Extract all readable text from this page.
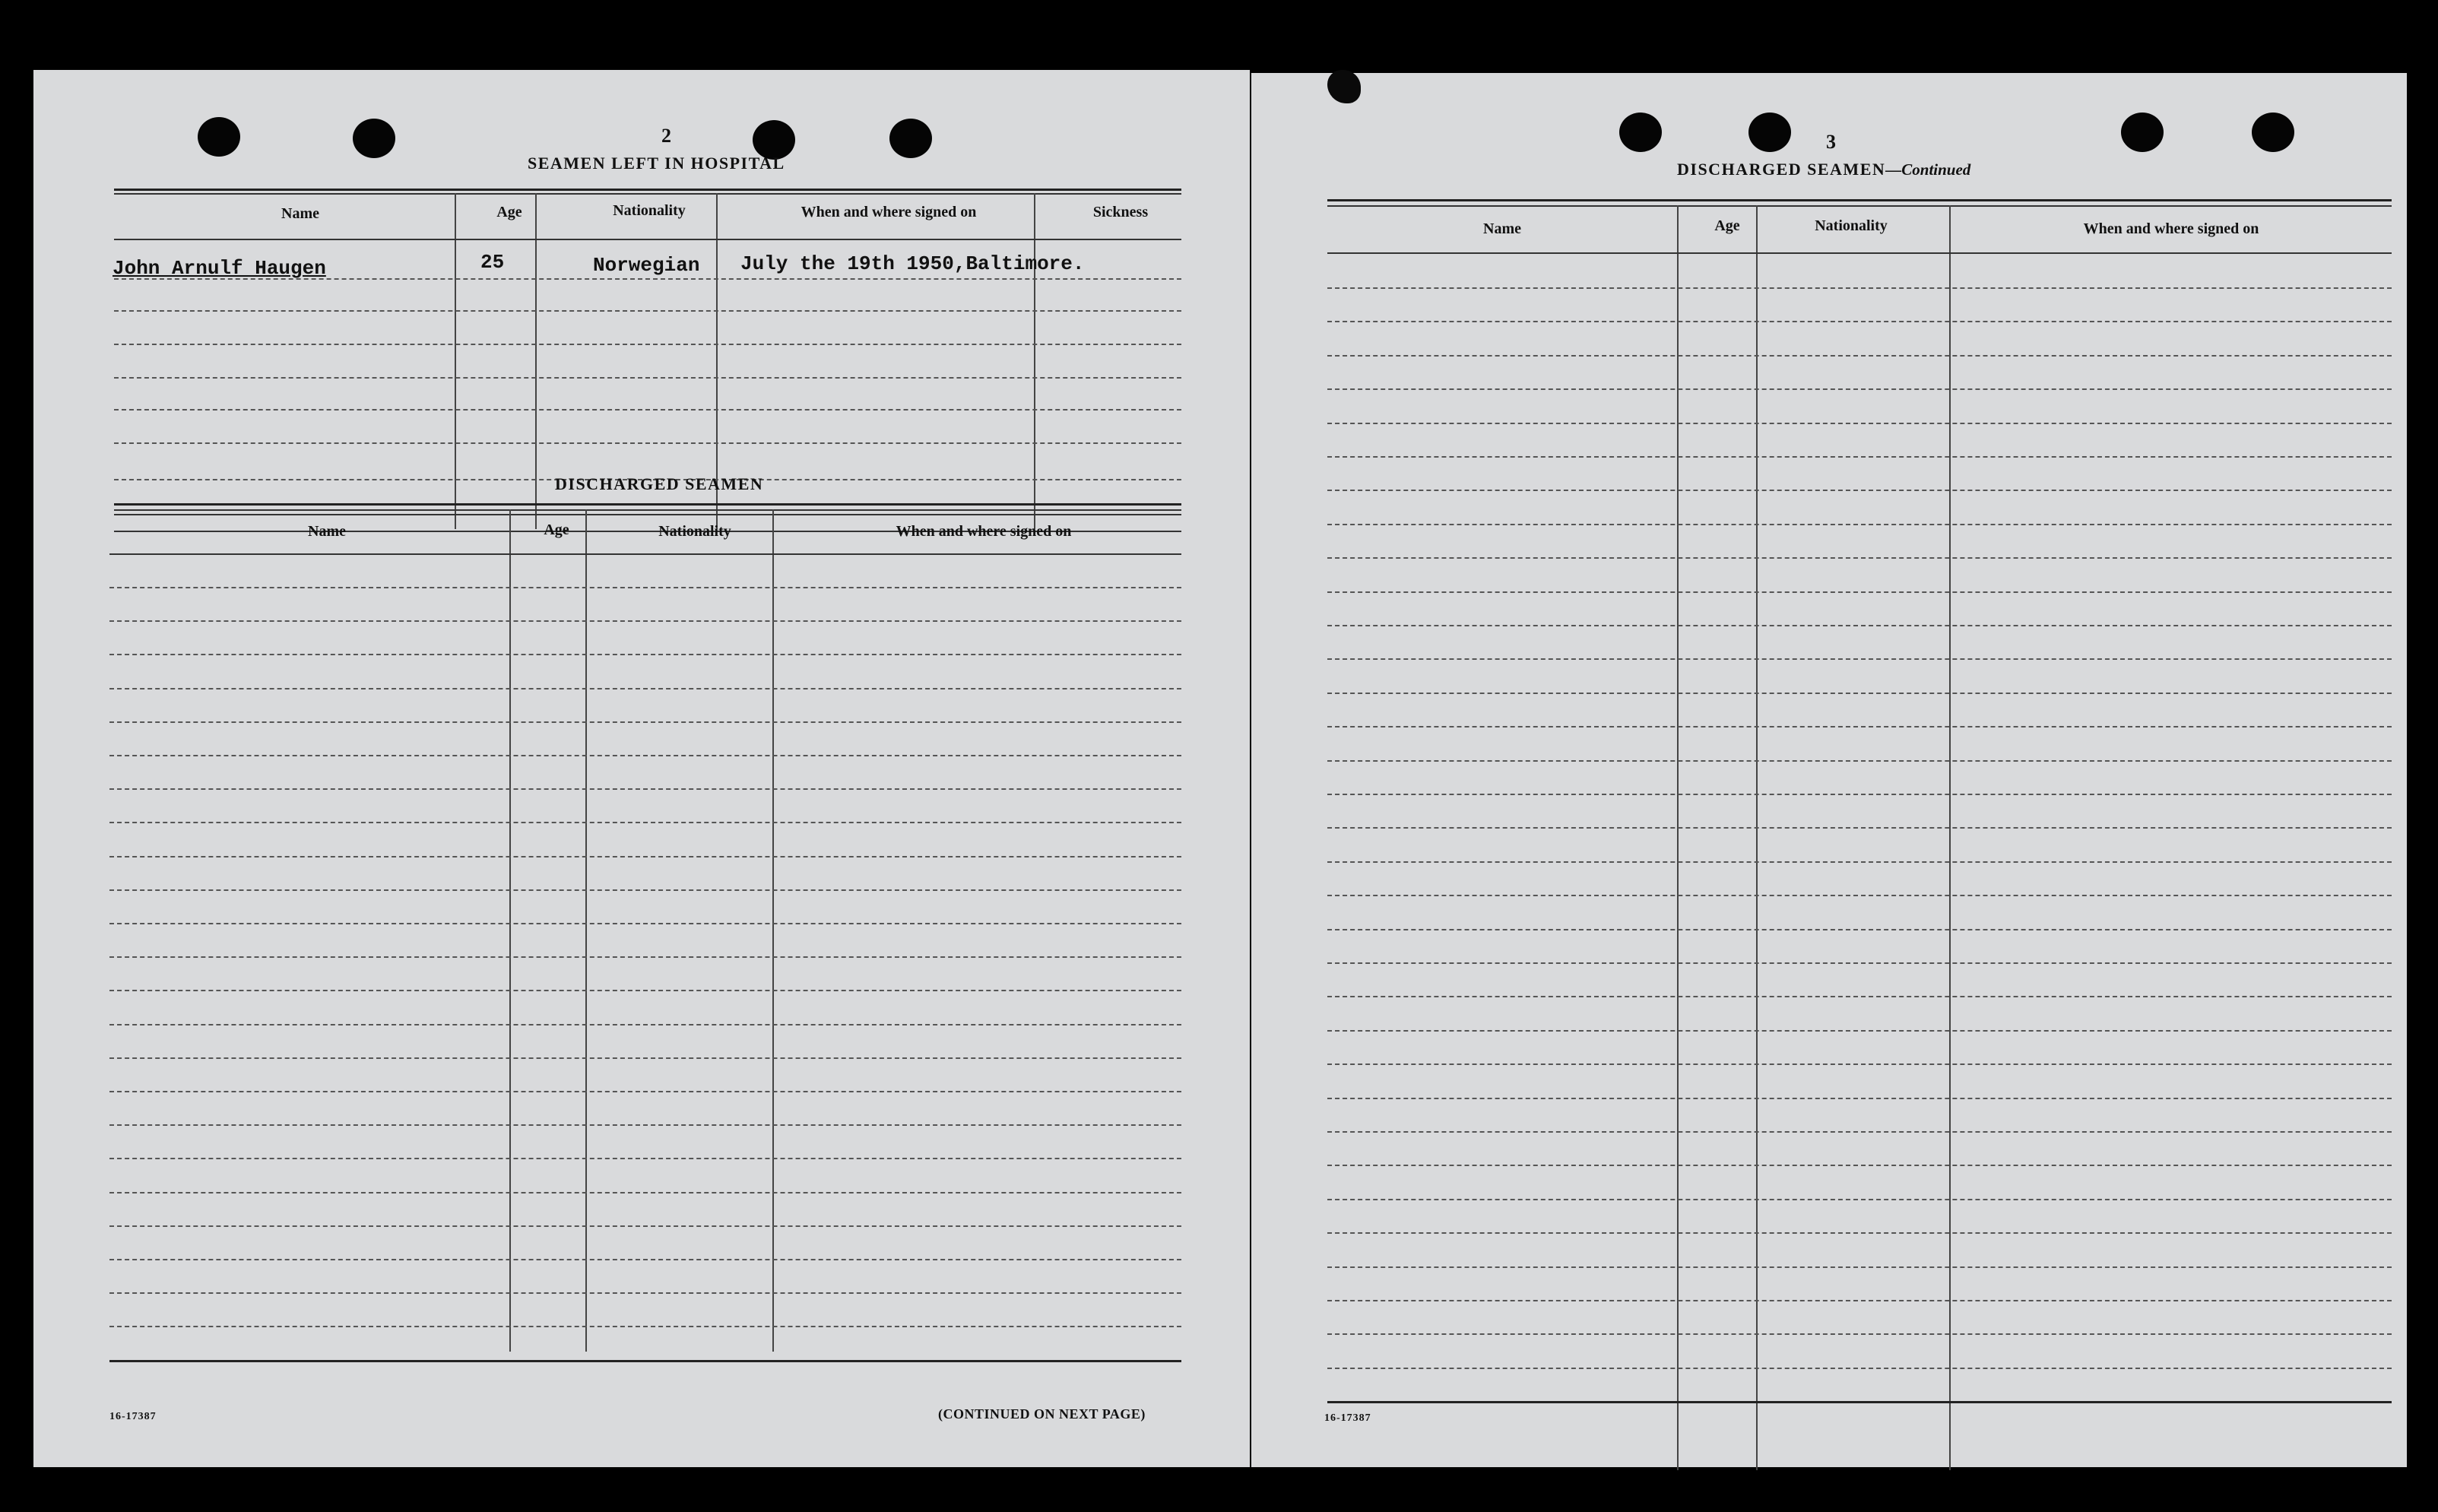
2
SEAMEN LEFT IN HOSPITAL
Name	Age	Nationality	When and where signed on	Sickness
John Arnulf Haugen	25	Norwegian July the 19th 1950,Baltimore.
DISCHARGED SEAMEN
Name	Age	Nationality	When and where signed on
16-17387	(CONTINUED ON NEXT PAGE)
3
DISCHARGED SEAMEN—Continued
Name	Age	Nationality	When and where signed on
16-17387
